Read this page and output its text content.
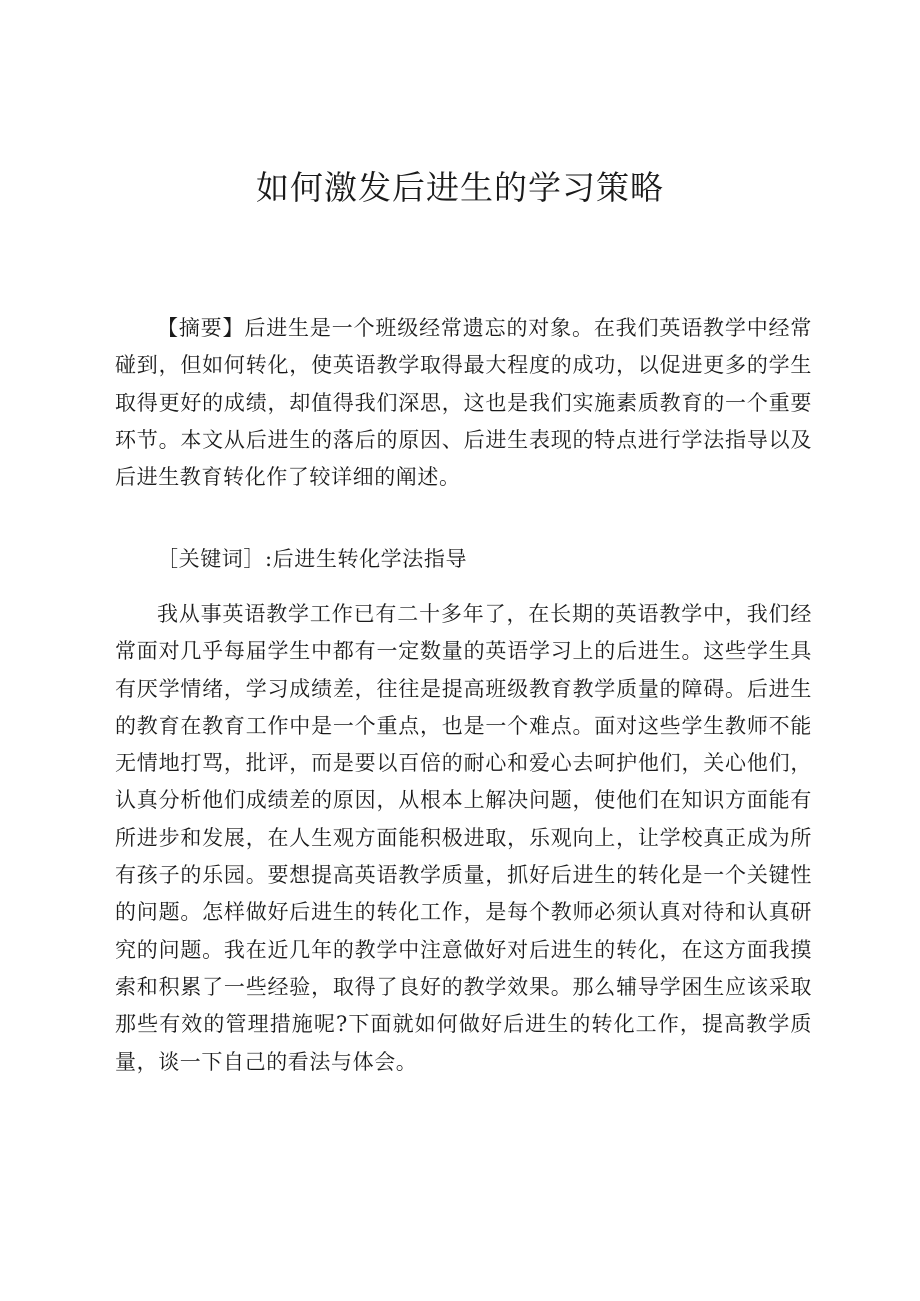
如何激发后进生的学习策略

【摘要】后进生是一个班级经常遗忘的对象。在我们英语教学中经常碰到，但如何转化，使英语教学取得最大程度的成功，以促进更多的学生取得更好的成绩，却值得我们深思，这也是我们实施素质教育的一个重要环节。本文从后进生的落后的原因、后进生表现的特点进行学法指导以及后进生教育转化作了较详细的阐述。

［关键词］:后进生转化学法指导

我从事英语教学工作已有二十多年了，在长期的英语教学中，我们经常面对几乎每届学生中都有一定数量的英语学习上的后进生。这些学生具有厌学情绪，学习成绩差，往往是提高班级教育教学质量的障碍。后进生的教育在教育工作中是一个重点，也是一个难点。面对这些学生教师不能无情地打骂，批评，而是要以百倍的耐心和爱心去呵护他们，关心他们，认真分析他们成绩差的原因，从根本上解决问题，使他们在知识方面能有所进步和发展，在人生观方面能积极进取，乐观向上，让学校真正成为所有孩子的乐园。要想提高英语教学质量，抓好后进生的转化是一个关键性的问题。怎样做好后进生的转化工作，是每个教师必须认真对待和认真研究的问题。我在近几年的教学中注意做好对后进生的转化，在这方面我摸索和积累了一些经验，取得了良好的教学效果。那么辅导学困生应该采取那些有效的管理措施呢?下面就如何做好后进生的转化工作，提高教学质量，谈一下自己的看法与体会。
